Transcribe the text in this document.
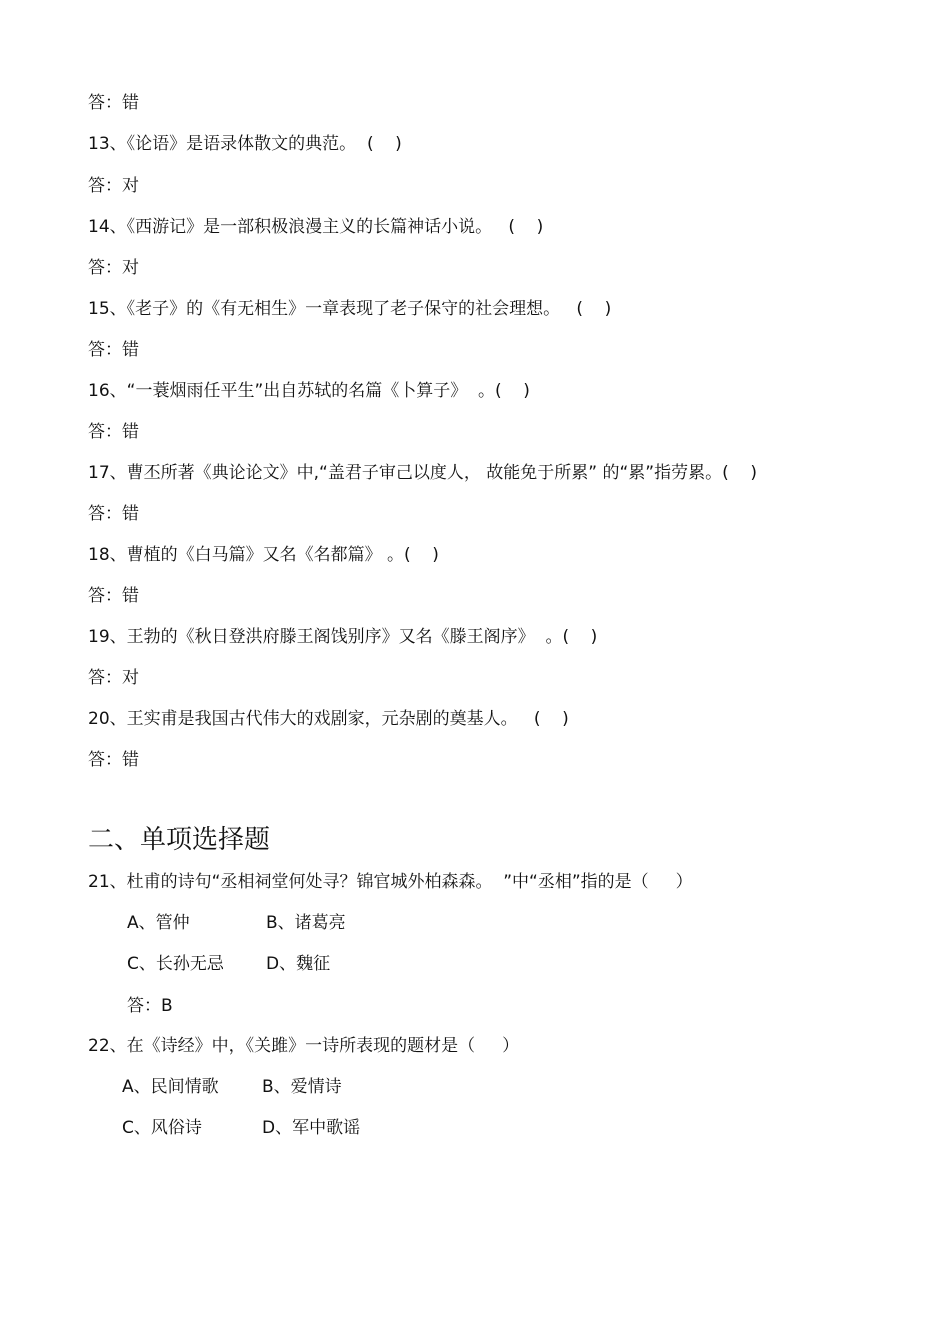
答：错
13、《论语》是语录体散文的典范。  (    )
答：对
14、《西游记》是一部积极浪漫主义的长篇神话小说。   (    )
答：对
15、《老子》的《有无相生》一章表现了老子保守的社会理想。   (    )
答：错
16、“一蓑烟雨任平生”出自苏轼的名篇《卜算子》  。(    )
答：错
17、曹丕所著《典论论文》中,“盖君子审己以度人， 故能免于所累” 的“累”指劳累。(    )
答：错
18、曹植的《白马篇》又名《名都篇》 。(    )
答：错
19、王勃的《秋日登洪府滕王阁饯别序》又名《滕王阁序》  。(    )
答：对
20、王实甫是我国古代伟大的戏剧家，元杂剧的奠基人。   (    )
答：错
二、单项选择题
21、杜甫的诗句“丞相祠堂何处寻？锦官城外柏森森。  ”中“丞相”指的是（     ）
A、管仲	B、诸葛亮
C、长孙无忌 D、魏征
答：B
22、在《诗经》中，《关雎》一诗所表现的题材是（     ）
A、民间情歌	B、爱情诗
C、风俗诗	D、军中歌谣
